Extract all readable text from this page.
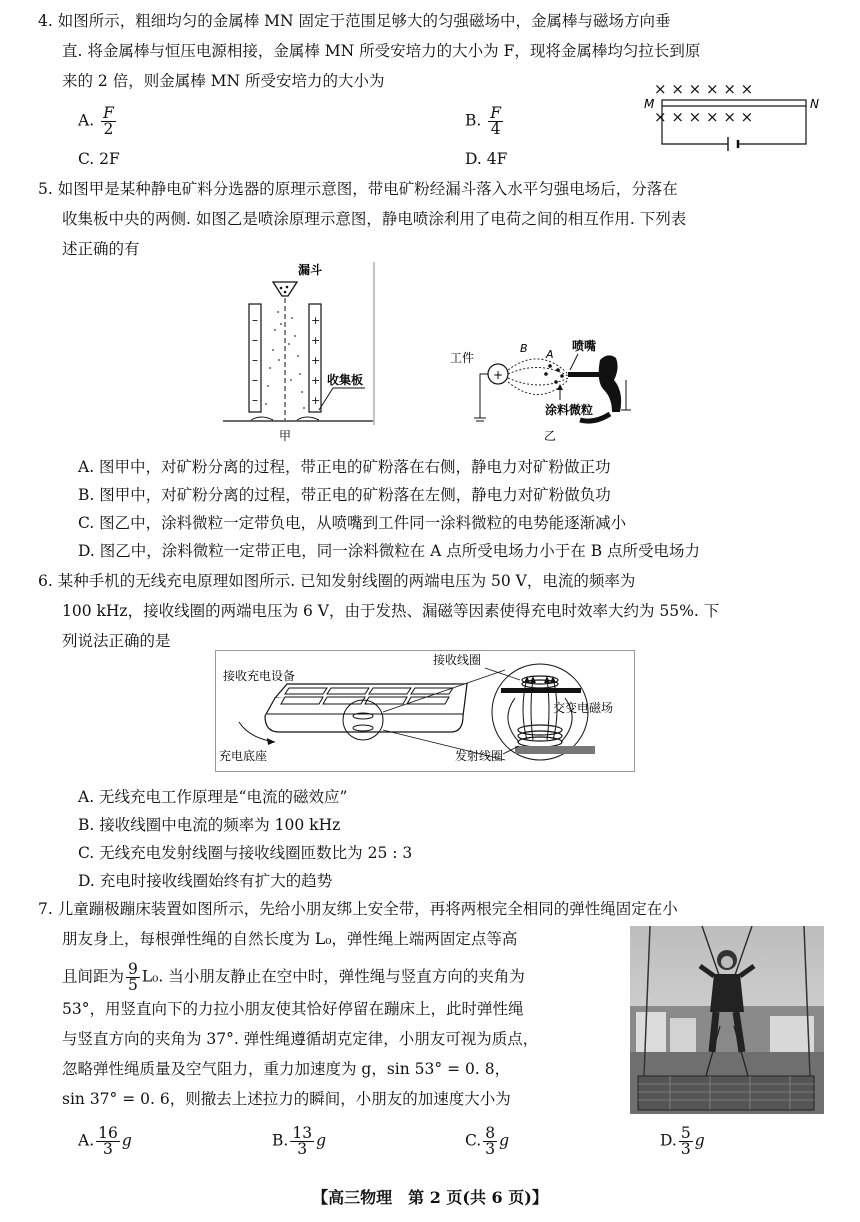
4. 如图所示，粗细均匀的金属棒 MN 固定于范围足够大的匀强磁场中，金属棒与磁场方向垂
直. 将金属棒与恒压电源相接，金属棒 MN 所受安培力的大小为 F，现将金属棒均匀拉长到原
来的 2 倍，则金属棒 MN 所受安培力的大小为
A. $\frac{F}{2}$	B. $\frac{F}{4}$
C. 2F	D. 4F
× × × × × ×
× × × × × ×
M	N
5. 如图甲是某种静电矿料分选器的原理示意图，带电矿粉经漏斗落入水平匀强电场后，分落在
收集板中央的两侧. 如图乙是喷涂原理示意图，静电喷涂利用了电荷之间的相互作用. 下列表
述正确的有
漏斗
–
–
–
–
–
+
+
+
+
+
收集板
甲
工件
+
B A
喷嘴
涂料微粒
乙
A. 图甲中，对矿粉分离的过程，带正电的矿粉落在右侧，静电力对矿粉做正功
B. 图甲中，对矿粉分离的过程，带正电的矿粉落在左侧，静电力对矿粉做负功
C. 图乙中，涂料微粒一定带负电，从喷嘴到工件同一涂料微粒的电势能逐渐减小
D. 图乙中，涂料微粒一定带正电，同一涂料微粒在 A 点所受电场力小于在 B 点所受电场力
6. 某种手机的无线充电原理如图所示. 已知发射线圈的两端电压为 50 V，电流的频率为
100 kHz，接收线圈的两端电压为 6 V，由于发热、漏磁等因素使得充电时效率大约为 55%. 下
列说法正确的是
接收充电设备
充电底座
接收线圈
交变电磁场
发射线圈
A. 无线充电工作原理是“电流的磁效应”
B. 接收线圈中电流的频率为 100 kHz
C. 无线充电发射线圈与接收线圈匝数比为 25 : 3
D. 充电时接收线圈始终有扩大的趋势
7. 儿童蹦极蹦床装置如图所示，先给小朋友绑上安全带，再将两根完全相同的弹性绳固定在小
朋友身上，每根弹性绳的自然长度为 L₀，弹性绳上端两固定点等高
且间距为 $\frac{9}{5} L_0$. 当小朋友静止在空中时，弹性绳与竖直方向的夹角为
53°，用竖直向下的力拉小朋友使其恰好停留在蹦床上，此时弹性绳
与竖直方向的夹角为 37°. 弹性绳遵循胡克定律，小朋友可视为质点，
忽略弹性绳质量及空气阻力，重力加速度为 g，sin 53° = 0. 8，
sin 37° = 0. 6，则撤去上述拉力的瞬间，小朋友的加速度大小为
A. $\frac{16}{3}$ g	B. $\frac{13}{3}$ g	C. $\frac{8}{3}$ g	D. $\frac{5}{3}$ g
【高三物理　第 2 页(共 6 页)】
